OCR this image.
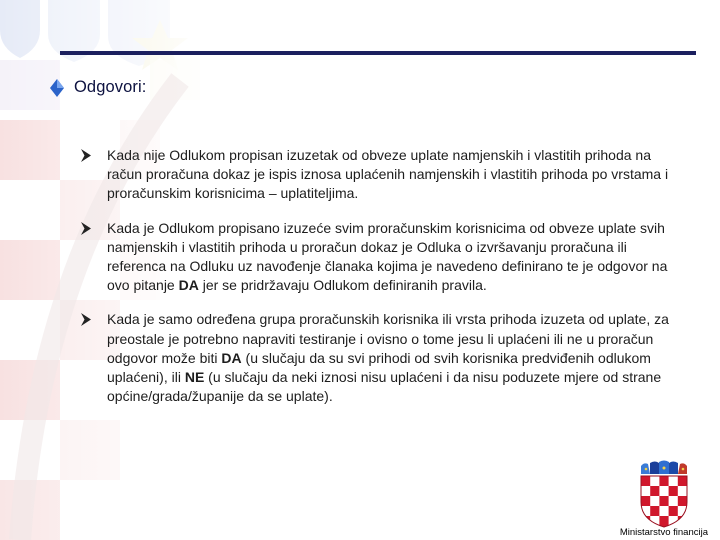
Odgovori:
Kada nije Odlukom propisan izuzetak od obveze uplate namjenskih i vlastitih prihoda na račun proračuna dokaz je ispis iznosa uplaćenih namjenskih i vlastitih prihoda po vrstama i proračunskim korisnicima – uplatiteljima.
Kada je Odlukom propisano izuzeće svim proračunskim korisnicima od obveze uplate svih namjenskih i vlastitih prihoda u proračun dokaz je Odluka o izvršavanju proračuna ili referenca na Odluku uz navođenje članaka kojima je navedeno definirano te je odgovor na ovo pitanje DA jer se pridržavaju Odlukom definiranih pravila.
Kada je samo određena grupa proračunskih korisnika ili vrsta prihoda izuzeta od uplate, za preostale je potrebno napraviti testiranje i ovisno o tome jesu li uplaćeni ili ne u proračun odgovor može biti DA (u slučaju da su svi prihodi od svih korisnika predviđenih odlukom uplaćeni), ili NE (u slučaju da neki iznosi nisu uplaćeni i da nisu poduzete mjere od strane općine/grada/županije da se uplate).
Ministarstvo financija
